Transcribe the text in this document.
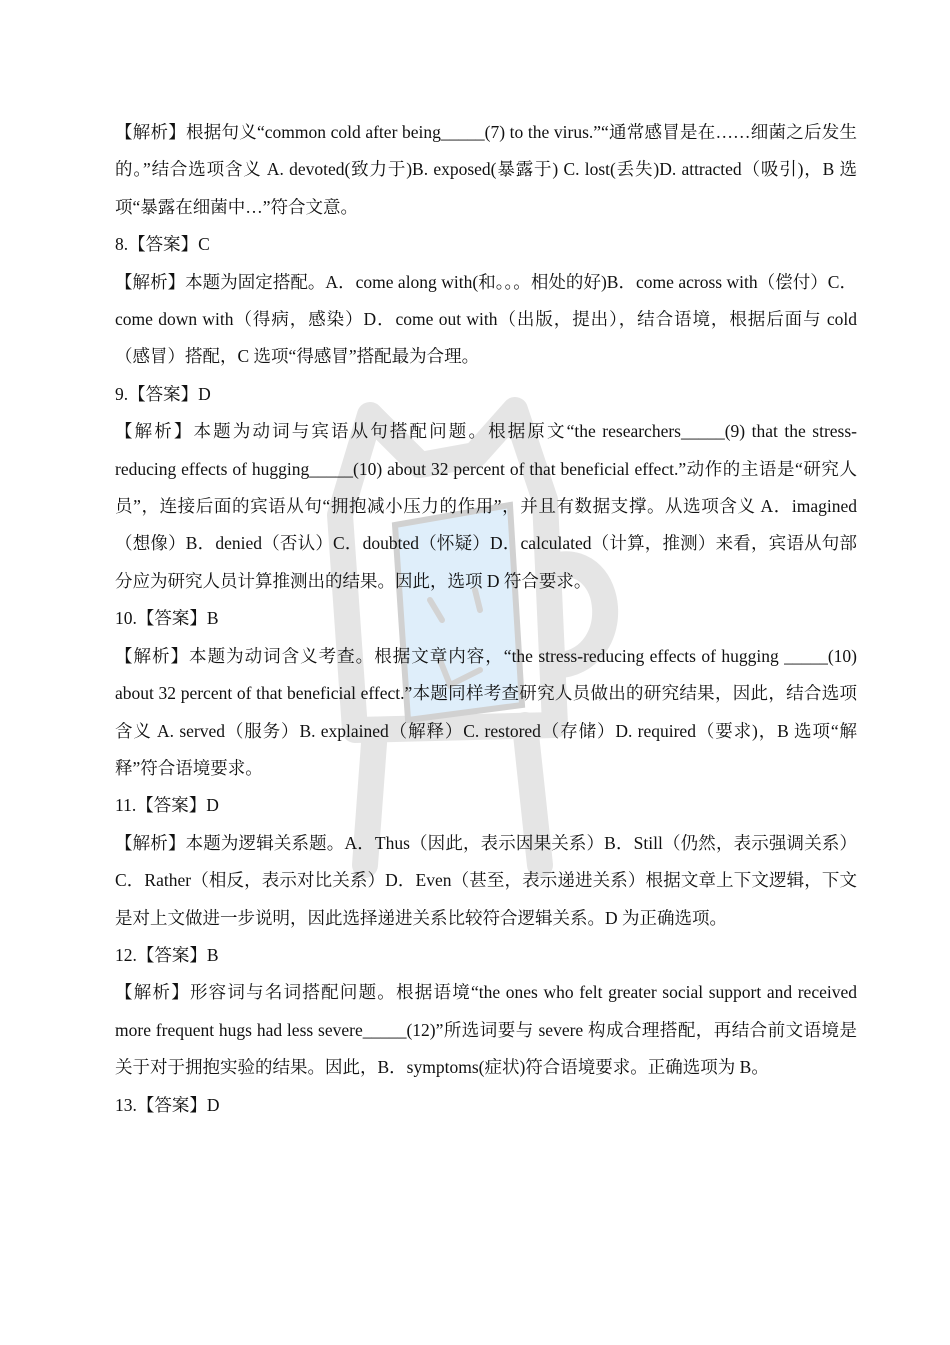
【解析】根据句义“common cold after being_____(7) to the virus.”“通常感冒是在……细菌之后发生的。”结合选项含义 A. devoted(致力于)B. exposed(暴露于) C. lost(丢失)D. attracted（吸引)，B 选项“暴露在细菌中…”符合文意。

8.【答案】C

【解析】本题为固定搭配。A．come along with(和。。。相处的好)B．come across with（偿付）C．come down with（得病，感染）D．come out with（出版，提出），结合语境，根据后面与 cold（感冒）搭配，C 选项“得感冒”搭配最为合理。

9.【答案】D

【解析】本题为动词与宾语从句搭配问题。根据原文“the researchers_____(9) that the stress-reducing effects of hugging_____(10) about 32 percent of that beneficial effect.”动作的主语是“研究人员”，连接后面的宾语从句“拥抱减小压力的作用”，并且有数据支撑。从选项含义 A．imagined（想像）B．denied（否认）C．doubted（怀疑）D．calculated（计算，推测）来看，宾语从句部分应为研究人员计算推测出的结果。因此，选项 D 符合要求。

10.【答案】B

【解析】本题为动词含义考查。根据文章内容，“the stress-reducing effects of hugging _____(10) about 32 percent of that beneficial effect.”本题同样考查研究人员做出的研究结果，因此，结合选项含义 A. served（服务）B. explained（解释）C. restored（存储）D. required（要求)，B 选项“解释”符合语境要求。

11.【答案】D

【解析】本题为逻辑关系题。A．Thus（因此，表示因果关系）B．Still（仍然，表示强调关系）C．Rather（相反，表示对比关系）D．Even（甚至，表示递进关系）根据文章上下文逻辑，下文是对上文做进一步说明，因此选择递进关系比较符合逻辑关系。D 为正确选项。

12.【答案】B

【解析】形容词与名词搭配问题。根据语境“the ones who felt greater social support and received more frequent hugs had less severe_____(12)”所选词要与 severe 构成合理搭配，再结合前文语境是关于对于拥抱实验的结果。因此，B．symptoms(症状)符合语境要求。正确选项为 B。

13.【答案】D
